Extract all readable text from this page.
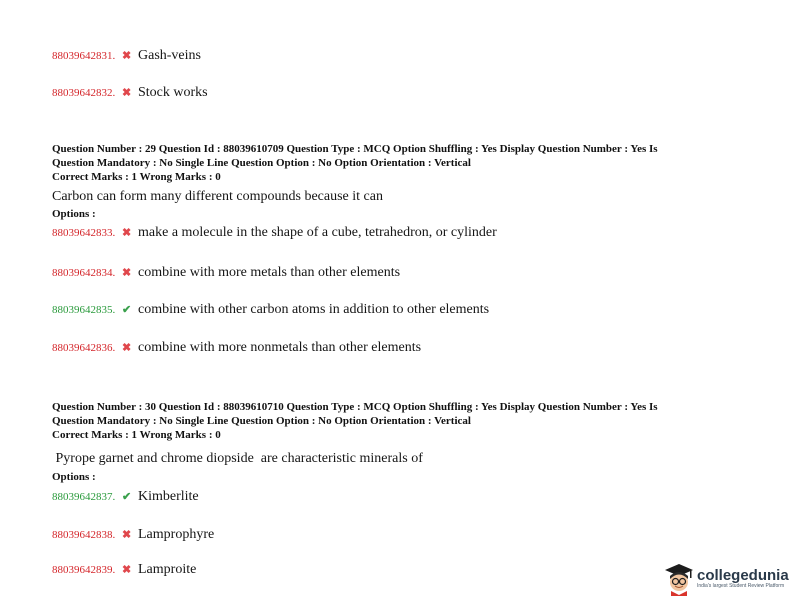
88039642831. ✖ Gash-veins
88039642832. ✖ Stock works
Question Number : 29 Question Id : 88039610709 Question Type : MCQ Option Shuffling : Yes Display Question Number : Yes Is
Question Mandatory : No Single Line Question Option : No Option Orientation : Vertical
Correct Marks : 1 Wrong Marks : 0
Carbon can form many different compounds because it can
Options :
88039642833. ✖ make a molecule in the shape of a cube, tetrahedron, or cylinder
88039642834. ✖ combine with more metals than other elements
88039642835. ✔ combine with other carbon atoms in addition to other elements
88039642836. ✖ combine with more nonmetals than other elements
Question Number : 30 Question Id : 88039610710 Question Type : MCQ Option Shuffling : Yes Display Question Number : Yes Is
Question Mandatory : No Single Line Question Option : No Option Orientation : Vertical
Correct Marks : 1 Wrong Marks : 0
Pyrope garnet and chrome diopside  are characteristic minerals of
Options :
88039642837. ✔ Kimberlite
88039642838. ✖ Lamprophyre
88039642839. ✖ Lamproite	collegedunia
India's largest Student Review Platform
